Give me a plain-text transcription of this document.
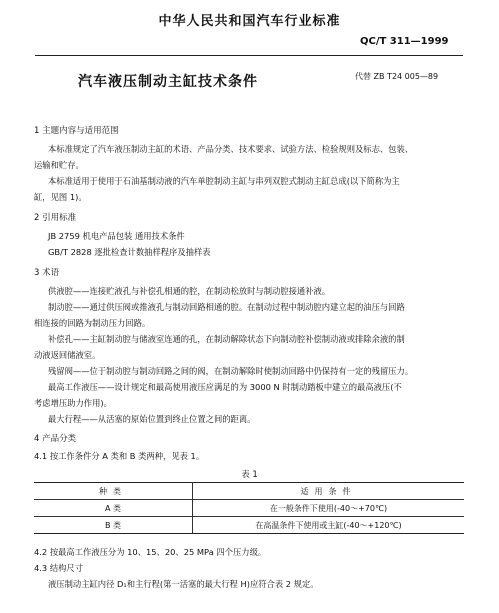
中华人民共和国汽车行业标准
QC/T 311—1999
汽车液压制动主缸技术条件	代替 ZB T24 005—89
1 主题内容与适用范围
本标准规定了汽车液压制动主缸的术语、产品分类、技术要求、试验方法、检验规则及标志、包装、
运输和贮存。
本标准适用于使用于石油基制动液的汽车单腔制动主缸与串列双腔式制动主缸总成(以下简称为主
缸，见图 1)。
2 引用标准
JB 2759 机电产品包装 通用技术条件
GB/T 2828 逐批检查计数抽样程序及抽样表
3 术语
供液腔——连接贮液孔与补偿孔相通的腔，在制动松放时与制动腔接通补液。
制动腔——通过供压阀或推液孔与制动回路相通的腔。在制动过程中制动腔内建立起的油压与回路
相连接的回路为制动压力回路。
补偿孔——主缸制动腔与储液室连通的孔，在制动解除状态下向制动腔补偿制动液或排除余液的制
动液返回储液室。
残留阀——位于制动腔与制动回路之间的阀，在制动解除时使制动回路中仍保持有一定的残留压力。
最高工作液压——设计规定和最高使用液压应满足的为 3000 N 时制动踏板中建立的最高液压(不
考虑增压助力作用)。
最大行程——从活塞的原始位置到终止位置之间的距离。
4 产品分类
4.1 按工作条件分 A 类和 B 类两种，见表 1。
表 1
种类	适用条件
A 类	在一般条件下使用(-40～+70℃)
B 类	在高温条件下使用或主缸(-40～+120℃)
4.2 按最高工作液压分为 10、15、20、25 MPa 四个压力级。
4.3 结构尺寸
液压制动主缸内径 D₁和主行程(第一活塞的最大行程 H)应符合表 2 规定。
